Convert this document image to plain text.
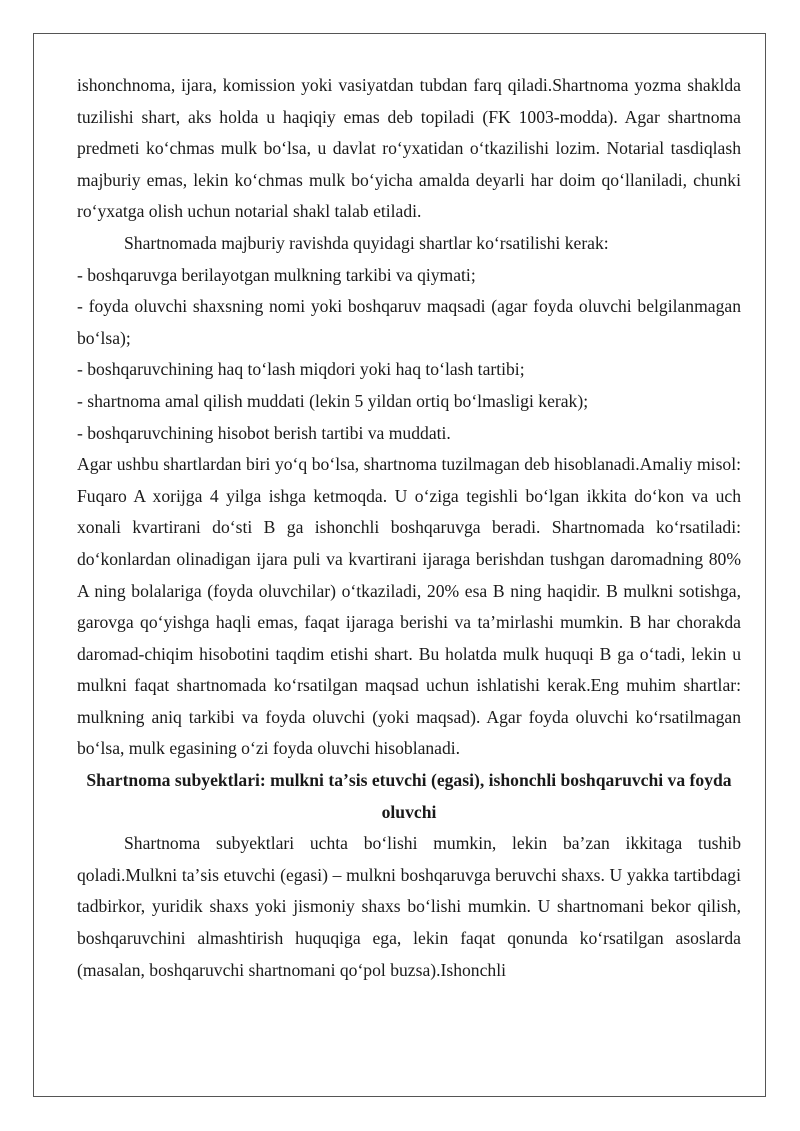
ishonchnoma, ijara, komission yoki vasiyatdan tubdan farq qiladi.Shartnoma yozma shaklda tuzilishi shart, aks holda u haqiqiy emas deb topiladi (FK 1003-modda). Agar shartnoma predmeti koʻchmas mulk boʻlsa, u davlat roʻyxatidan oʻtkazilishi lozim. Notarial tasdiqlash majburiy emas, lekin koʻchmas mulk boʻyicha amalda deyarli har doim qoʻllaniladi, chunki roʻyxatga olish uchun notarial shakl talab etiladi.

Shartnomada majburiy ravishda quyidagi shartlar koʻrsatilishi kerak:

- boshqaruvga berilayotgan mulkning tarkibi va qiymati;

- foyda oluvchi shaxsning nomi yoki boshqaruv maqsadi (agar foyda oluvchi belgilanmagan boʻlsa);

- boshqaruvchining haq toʻlash miqdori yoki haq toʻlash tartibi;

- shartnoma amal qilish muddati (lekin 5 yildan ortiq boʻlmasligi kerak);

- boshqaruvchining hisobot berish tartibi va muddati.

Agar ushbu shartlardan biri yoʻq boʻlsa, shartnoma tuzilmagan deb hisoblanadi.Amaliy misol: Fuqaro A xorijga 4 yilga ishga ketmoqda. U oʻziga tegishli boʻlgan ikkita doʻkon va uch xonali kvartirani doʻsti B ga ishonchli boshqaruvga beradi. Shartnomada koʻrsatiladi: doʻkonlardan olinadigan ijara puli va kvartirani ijaraga berishdan tushgan daromadning 80% A ning bolalariga (foyda oluvchilar) oʻtkaziladi, 20% esa B ning haqidir. B mulkni sotishga, garovga qoʻyishga haqli emas, faqat ijaraga berishi va taʼmirlashi mumkin. B har chorakda daromad-chiqim hisobotini taqdim etishi shart. Bu holatda mulk huquqi B ga oʻtadi, lekin u mulkni faqat shartnomada koʻrsatilgan maqsad uchun ishlatishi kerak.Eng muhim shartlar: mulkning aniq tarkibi va foyda oluvchi (yoki maqsad). Agar foyda oluvchi koʻrsatilmagan boʻlsa, mulk egasining oʻzi foyda oluvchi hisoblanadi.

Shartnoma subyektlari: mulkni taʼsis etuvchi (egasi), ishonchli boshqaruvchi va foyda oluvchi

Shartnoma subyektlari uchta boʻlishi mumkin, lekin baʼzan ikkitaga tushib qoladi.Mulkni taʼsis etuvchi (egasi) – mulkni boshqaruvga beruvchi shaxs. U yakka tartibdagi tadbirkor, yuridik shaxs yoki jismoniy shaxs boʻlishi mumkin. U shartnomani bekor qilish, boshqaruvchini almashtirish huquqiga ega, lekin faqat qonunda koʻrsatilgan asoslarda (masalan, boshqaruvchi shartnomani qoʻpol buzsa).Ishonchli
